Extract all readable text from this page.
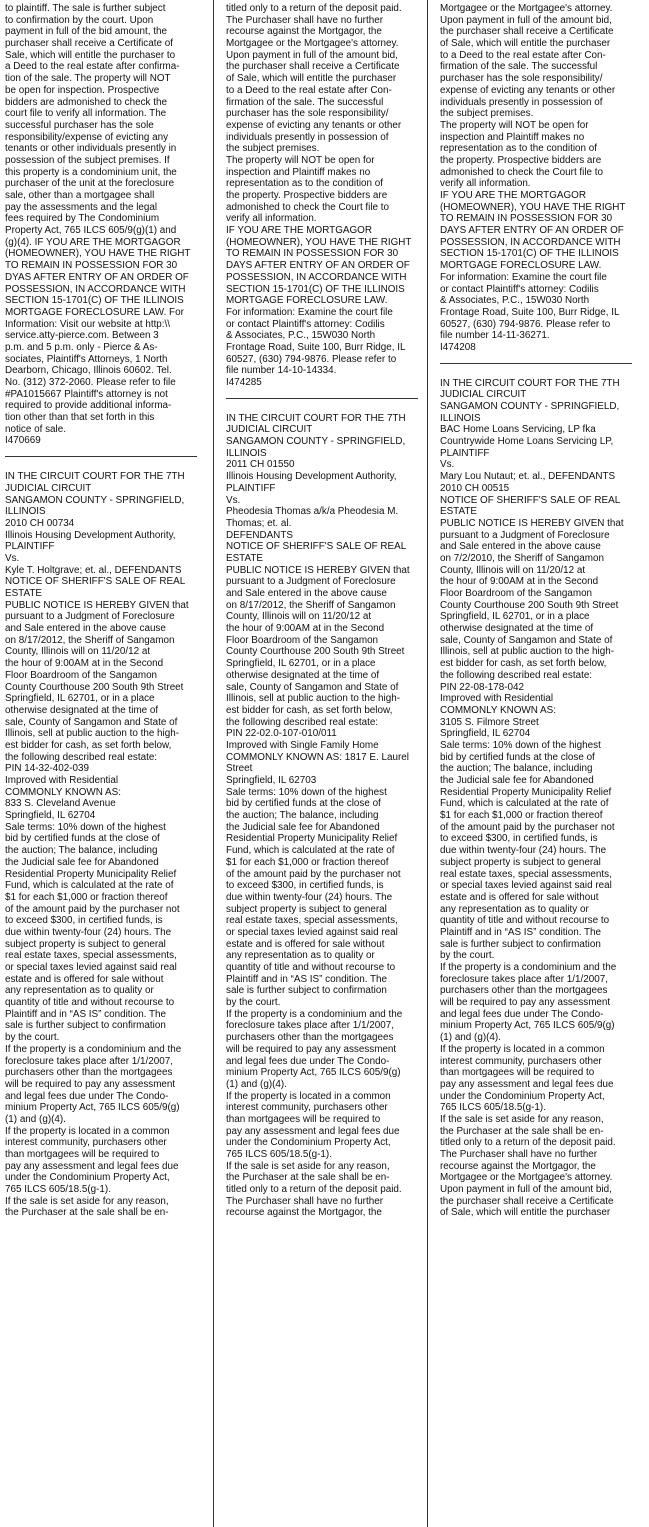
to plaintiff. The sale is further subject
to confirmation by the court. Upon
payment in full of the bid amount, the
purchaser shall receive a Certificate of
Sale, which will entitle the purchaser to
a Deed to the real estate after confirma-
tion of the sale. The property will NOT
be open for inspection. Prospective
bidders are admonished to check the
court file to verify all information. The
successful purchaser has the sole
responsibility/expense of evicting any
tenants or other individuals presently in
possession of the subject premises. If
this property is a condominium unit, the
purchaser of the unit at the foreclosure
sale, other than a mortgagee shall
pay the assessments and the legal
fees required by The Condominium
Property Act, 765 ILCS 605/9(g)(1) and
(g)(4). IF YOU ARE THE MORTGAGOR
(HOMEOWNER), YOU HAVE THE RIGHT
TO REMAIN IN POSSESSION FOR 30
DYAS AFTER ENTRY OF AN ORDER OF
POSSESSION, IN ACCORDANCE WITH
SECTION 15-1701(C) OF THE ILLINOIS
MORTGAGE FORECLOSURE LAW. For
Information: Visit our website at http:\\
service.atty-pierce.com. Between 3
p.m. and 5 p.m. only - Pierce & As-
sociates, Plaintiff's Attorneys, 1 North
Dearborn, Chicago, Illinois 60602. Tel.
No. (312) 372-2060. Please refer to file
#PA1015667 Plaintiff's attorney is not
required to provide additional informa-
tion other than that set forth in this
notice of sale.
I470669
IN THE CIRCUIT COURT FOR THE 7TH
JUDICIAL CIRCUIT
SANGAMON COUNTY - SPRINGFIELD,
ILLINOIS
2010 CH 00734
Illinois Housing Development Authority,
PLAINTIFF
Vs.
Kyle T. Holtgrave; et. al., DEFENDANTS
NOTICE OF SHERIFF'S SALE OF REAL
ESTATE
PUBLIC NOTICE IS HEREBY GIVEN that
pursuant to a Judgment of Foreclosure
and Sale entered in the above cause
on 8/17/2012, the Sheriff of Sangamon
County, Illinois will on 11/20/12 at
the hour of 9:00AM at in the Second
Floor Boardroom of the Sangamon
County Courthouse 200 South 9th Street
Springfield, IL 62701, or in a place
otherwise designated at the time of
sale, County of Sangamon and State of
Illinois, sell at public auction to the high-
est bidder for cash, as set forth below,
the following described real estate:
PIN 14-32-402-039
Improved with Residential
COMMONLY KNOWN AS:
833 S. Cleveland Avenue
Springfield, IL 62704
Sale terms: 10% down of the highest
bid by certified funds at the close of
the auction; The balance, including
the Judicial sale fee for Abandoned
Residential Property Municipality Relief
Fund, which is calculated at the rate of
$1 for each $1,000 or fraction thereof
of the amount paid by the purchaser not
to exceed $300, in certified funds, is
due within twenty-four (24) hours. The
subject property is subject to general
real estate taxes, special assessments,
or special taxes levied against said real
estate and is offered for sale without
any representation as to quality or
quantity of title and without recourse to
Plaintiff and in “AS IS” condition. The
sale is further subject to confirmation
by the court.
If the property is a condominium and the
foreclosure takes place after 1/1/2007,
purchasers other than the mortgagees
will be required to pay any assessment
and legal fees due under The Condo-
minium Property Act, 765 ILCS 605/9(g)
(1) and (g)(4).
If the property is located in a common
interest community, purchasers other
than mortgagees will be required to
pay any assessment and legal fees due
under the Condominium Property Act,
765 ILCS 605/18.5(g-1).
If the sale is set aside for any reason,
the Purchaser at the sale shall be en-
titled only to a return of the deposit paid.
The Purchaser shall have no further
recourse against the Mortgagor, the
Mortgagee or the Mortgagee's attorney.
Upon payment in full of the amount bid,
the purchaser shall receive a Certificate
of Sale, which will entitle the purchaser
to a Deed to the real estate after Con-
firmation of the sale. The successful
purchaser has the sole responsibility/
expense of evicting any tenants or other
individuals presently in possession of
the subject premises.
The property will NOT be open for
inspection and Plaintiff makes no
representation as to the condition of
the property. Prospective bidders are
admonished to check the Court file to
verify all information.
IF YOU ARE THE MORTGAGOR
(HOMEOWNER), YOU HAVE THE RIGHT
TO REMAIN IN POSSESSION FOR 30
DAYS AFTER ENTRY OF AN ORDER OF
POSSESSION, IN ACCORDANCE WITH
SECTION 15-1701(C) OF THE ILLINOIS
MORTGAGE FORECLOSURE LAW.
For information: Examine the court file
or contact Plaintiff's attorney: Codilis
& Associates, P.C., 15W030 North
Frontage Road, Suite 100, Burr Ridge, IL
60527, (630) 794-9876. Please refer to
file number 14-10-14334.
I474285
IN THE CIRCUIT COURT FOR THE 7TH
JUDICIAL CIRCUIT
SANGAMON COUNTY - SPRINGFIELD,
ILLINOIS
2011 CH 01550
Illinois Housing Development Authority,
PLAINTIFF
Vs.
Pheodesia Thomas a/k/a Pheodesia M.
Thomas; et. al.
DEFENDANTS
NOTICE OF SHERIFF'S SALE OF REAL
ESTATE
PUBLIC NOTICE IS HEREBY GIVEN that
pursuant to a Judgment of Foreclosure
and Sale entered in the above cause
on 8/17/2012, the Sheriff of Sangamon
County, Illinois will on 11/20/12 at
the hour of 9:00AM at in the Second
Floor Boardroom of the Sangamon
County Courthouse 200 South 9th Street
Springfield, IL 62701, or in a place
otherwise designated at the time of
sale, County of Sangamon and State of
Illinois, sell at public auction to the high-
est bidder for cash, as set forth below,
the following described real estate:
PIN 22-02.0-107-010/011
Improved with Single Family Home
COMMONLY KNOWN AS: 1817 E. Laurel
Street
Springfield, IL 62703
Sale terms: 10% down of the highest
bid by certified funds at the close of
the auction; The balance, including
the Judicial sale fee for Abandoned
Residential Property Municipality Relief
Fund, which is calculated at the rate of
$1 for each $1,000 or fraction thereof
of the amount paid by the purchaser not
to exceed $300, in certified funds, is
due within twenty-four (24) hours. The
subject property is subject to general
real estate taxes, special assessments,
or special taxes levied against said real
estate and is offered for sale without
any representation as to quality or
quantity of title and without recourse to
Plaintiff and in “AS IS” condition. The
sale is further subject to confirmation
by the court.
If the property is a condominium and the
foreclosure takes place after 1/1/2007,
purchasers other than the mortgagees
will be required to pay any assessment
and legal fees due under The Condo-
minium Property Act, 765 ILCS 605/9(g)
(1) and (g)(4).
If the property is located in a common
interest community, purchasers other
than mortgagees will be required to
pay any assessment and legal fees due
under the Condominium Property Act,
765 ILCS 605/18.5(g-1).
If the sale is set aside for any reason,
the Purchaser at the sale shall be en-
titled only to a return of the deposit paid.
The Purchaser shall have no further
recourse against the Mortgagor, the
Mortgagee or the Mortgagee's attorney.
Upon payment in full of the amount bid,
the purchaser shall receive a Certificate
of Sale, which will entitle the purchaser
to a Deed to the real estate after Con-
firmation of the sale. The successful
purchaser has the sole responsibility/
expense of evicting any tenants or other
individuals presently in possession of
the subject premises.
The property will NOT be open for
inspection and Plaintiff makes no
representation as to the condition of
the property. Prospective bidders are
admonished to check the Court file to
verify all information.
IF YOU ARE THE MORTGAGOR
(HOMEOWNER), YOU HAVE THE RIGHT
TO REMAIN IN POSSESSION FOR 30
DAYS AFTER ENTRY OF AN ORDER OF
POSSESSION, IN ACCORDANCE WITH
SECTION 15-1701(C) OF THE ILLINOIS
MORTGAGE FORECLOSURE LAW.
For information: Examine the court file
or contact Plaintiff's attorney: Codilis
& Associates, P.C., 15W030 North
Frontage Road, Suite 100, Burr Ridge, IL
60527, (630) 794-9876. Please refer to
file number 14-11-36271.
I474208
IN THE CIRCUIT COURT FOR THE 7TH
JUDICIAL CIRCUIT
SANGAMON COUNTY - SPRINGFIELD,
ILLINOIS
BAC Home Loans Servicing, LP fka
Countrywide Home Loans Servicing LP,
PLAINTIFF
Vs.
Mary Lou Nutaut; et. al., DEFENDANTS
2010 CH 00515
NOTICE OF SHERIFF'S SALE OF REAL
ESTATE
PUBLIC NOTICE IS HEREBY GIVEN that
pursuant to a Judgment of Foreclosure
and Sale entered in the above cause
on 7/2/2010, the Sheriff of Sangamon
County, Illinois will on 11/20/12 at
the hour of 9:00AM at in the Second
Floor Boardroom of the Sangamon
County Courthouse 200 South 9th Street
Springfield, IL 62701, or in a place
otherwise designated at the time of
sale, County of Sangamon and State of
Illinois, sell at public auction to the high-
est bidder for cash, as set forth below,
the following described real estate:
PIN 22-08-178-042
Improved with Residential
COMMONLY KNOWN AS:
3105 S. Filmore Street
Springfield, IL 62704
Sale terms: 10% down of the highest
bid by certified funds at the close of
the auction; The balance, including
the Judicial sale fee for Abandoned
Residential Property Municipality Relief
Fund, which is calculated at the rate of
$1 for each $1,000 or fraction thereof
of the amount paid by the purchaser not
to exceed $300, in certified funds, is
due within twenty-four (24) hours. The
subject property is subject to general
real estate taxes, special assessments,
or special taxes levied against said real
estate and is offered for sale without
any representation as to quality or
quantity of title and without recourse to
Plaintiff and in “AS IS” condition. The
sale is further subject to confirmation
by the court.
If the property is a condominium and the
foreclosure takes place after 1/1/2007,
purchasers other than the mortgagees
will be required to pay any assessment
and legal fees due under The Condo-
minium Property Act, 765 ILCS 605/9(g)
(1) and (g)(4).
If the property is located in a common
interest community, purchasers other
than mortgagees will be required to
pay any assessment and legal fees due
under the Condominium Property Act,
765 ILCS 605/18.5(g-1).
If the sale is set aside for any reason,
the Purchaser at the sale shall be en-
titled only to a return of the deposit paid.
The Purchaser shall have no further
recourse against the Mortgagor, the
Mortgagee or the Mortgagee's attorney.
Upon payment in full of the amount bid,
the purchaser shall receive a Certificate
of Sale, which will entitle the purchaser
